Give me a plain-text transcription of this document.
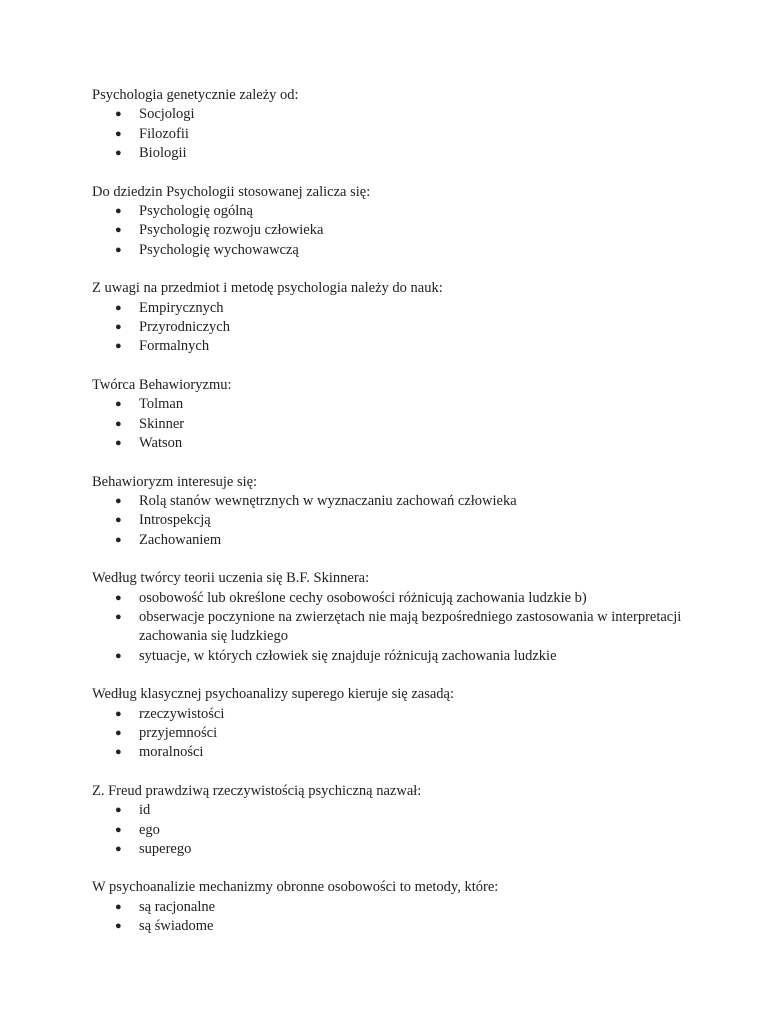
Psychologia genetycznie zależy od:

● Socjologi
● Filozofii
● Biologii

Do dziedzin Psychologii stosowanej zalicza się:

● Psychologię ogólną
● Psychologię rozwoju człowieka
● Psychologię wychowawczą

Z uwagi na przedmiot i metodę psychologia należy do nauk:

● Empirycznych
● Przyrodniczych
● Formalnych

Twórca Behawioryzmu:

● Tolman
● Skinner
● Watson

Behawioryzm interesuje się:

● Rolą stanów wewnętrznych w wyznaczaniu zachowań człowieka
● Introspekcją
● Zachowaniem

Według twórcy teorii uczenia się B.F. Skinnera:

● osobowość lub określone cechy osobowości różnicują zachowania ludzkie b)
● obserwacje poczynione na zwierzętach nie mają bezpośredniego zastosowania w interpretacji zachowania się ludzkiego
● sytuacje, w których człowiek się znajduje różnicują zachowania ludzkie

Według klasycznej psychoanalizy superego kieruje się zasadą:

● rzeczywistości
● przyjemności
● moralności

Z. Freud prawdziwą rzeczywistością psychiczną nazwał:

● id
● ego
● superego

W psychoanalizie mechanizmy obronne osobowości to metody, które:

● są racjonalne
● są świadome
